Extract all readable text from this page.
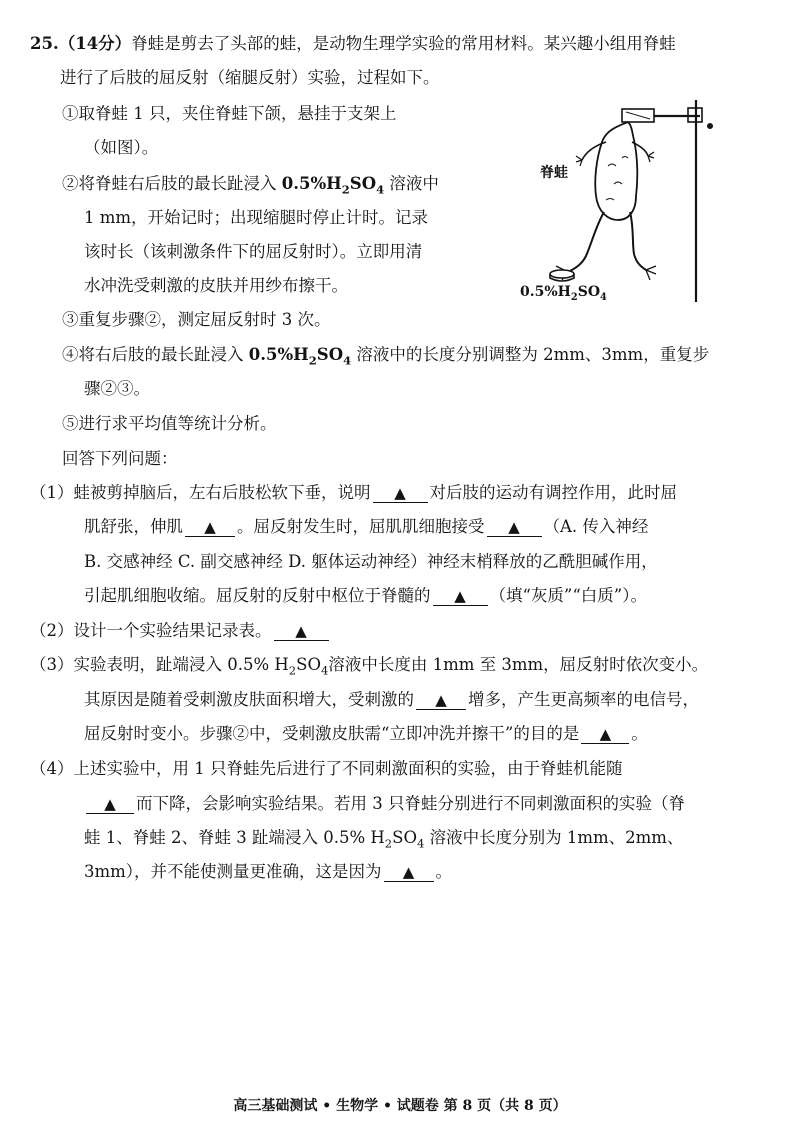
25.（14分）脊蛙是剪去了头部的蛙，是动物生理学实验的常用材料。某兴趣小组用脊蛙
进行了后肢的屈反射（缩腿反射）实验，过程如下。
①取脊蛙 1 只，夹住脊蛙下颌，悬挂于支架上
（如图）。
②将脊蛙右后肢的最长趾浸入 $0.5\%H_2SO_4$ 溶液中
1 mm，开始记时；出现缩腿时停止计时。记录
该时长（该刺激条件下的屈反射时）。立即用清
水冲洗受刺激的皮肤并用纱布擦干。
③重复步骤②，测定屈反射时 3 次。
④将右后肢的最长趾浸入 $0.5\%H_2SO_4$ 溶液中的长度分别调整为 2mm、3mm，重复步
骤②③。
⑤进行求平均值等统计分析。
回答下列问题：
脊蛙
$0.5\%H_2SO_4$
（1）蛙被剪掉脑后，左右后肢松软下垂，说明 ▲ 对后肢的运动有调控作用，此时屈
肌舒张，伸肌 ▲ 。屈反射发生时，屈肌肌细胞接受 ▲ （A. 传入神经
B. 交感神经 C. 副交感神经 D. 躯体运动神经）神经末梢释放的乙酰胆碱作用，
引起肌细胞收缩。屈反射的反射中枢位于脊髓的 ▲ （填“灰质”“白质”）。
（2）设计一个实验结果记录表。 ▲
（3）实验表明，趾端浸入 0.5% $H_2SO_4$溶液中长度由 1mm 至 3mm，屈反射时依次变小。
其原因是随着受刺激皮肤面积增大，受刺激的 ▲ 增多，产生更高频率的电信号，
屈反射时变小。步骤②中，受刺激皮肤需“立即冲洗并擦干”的目的是 ▲ 。
（4）上述实验中，用 1 只脊蛙先后进行了不同刺激面积的实验，由于脊蛙机能随
▲ 而下降，会影响实验结果。若用 3 只脊蛙分别进行不同刺激面积的实验（脊
蛙 1、脊蛙 2、脊蛙 3 趾端浸入 0.5% $H_2SO_4$ 溶液中长度分别为 1mm、2mm、
3mm），并不能使测量更准确，这是因为 ▲ 。
高三基础测试 • 生物学 • 试题卷 第 8 页（共 8 页）
